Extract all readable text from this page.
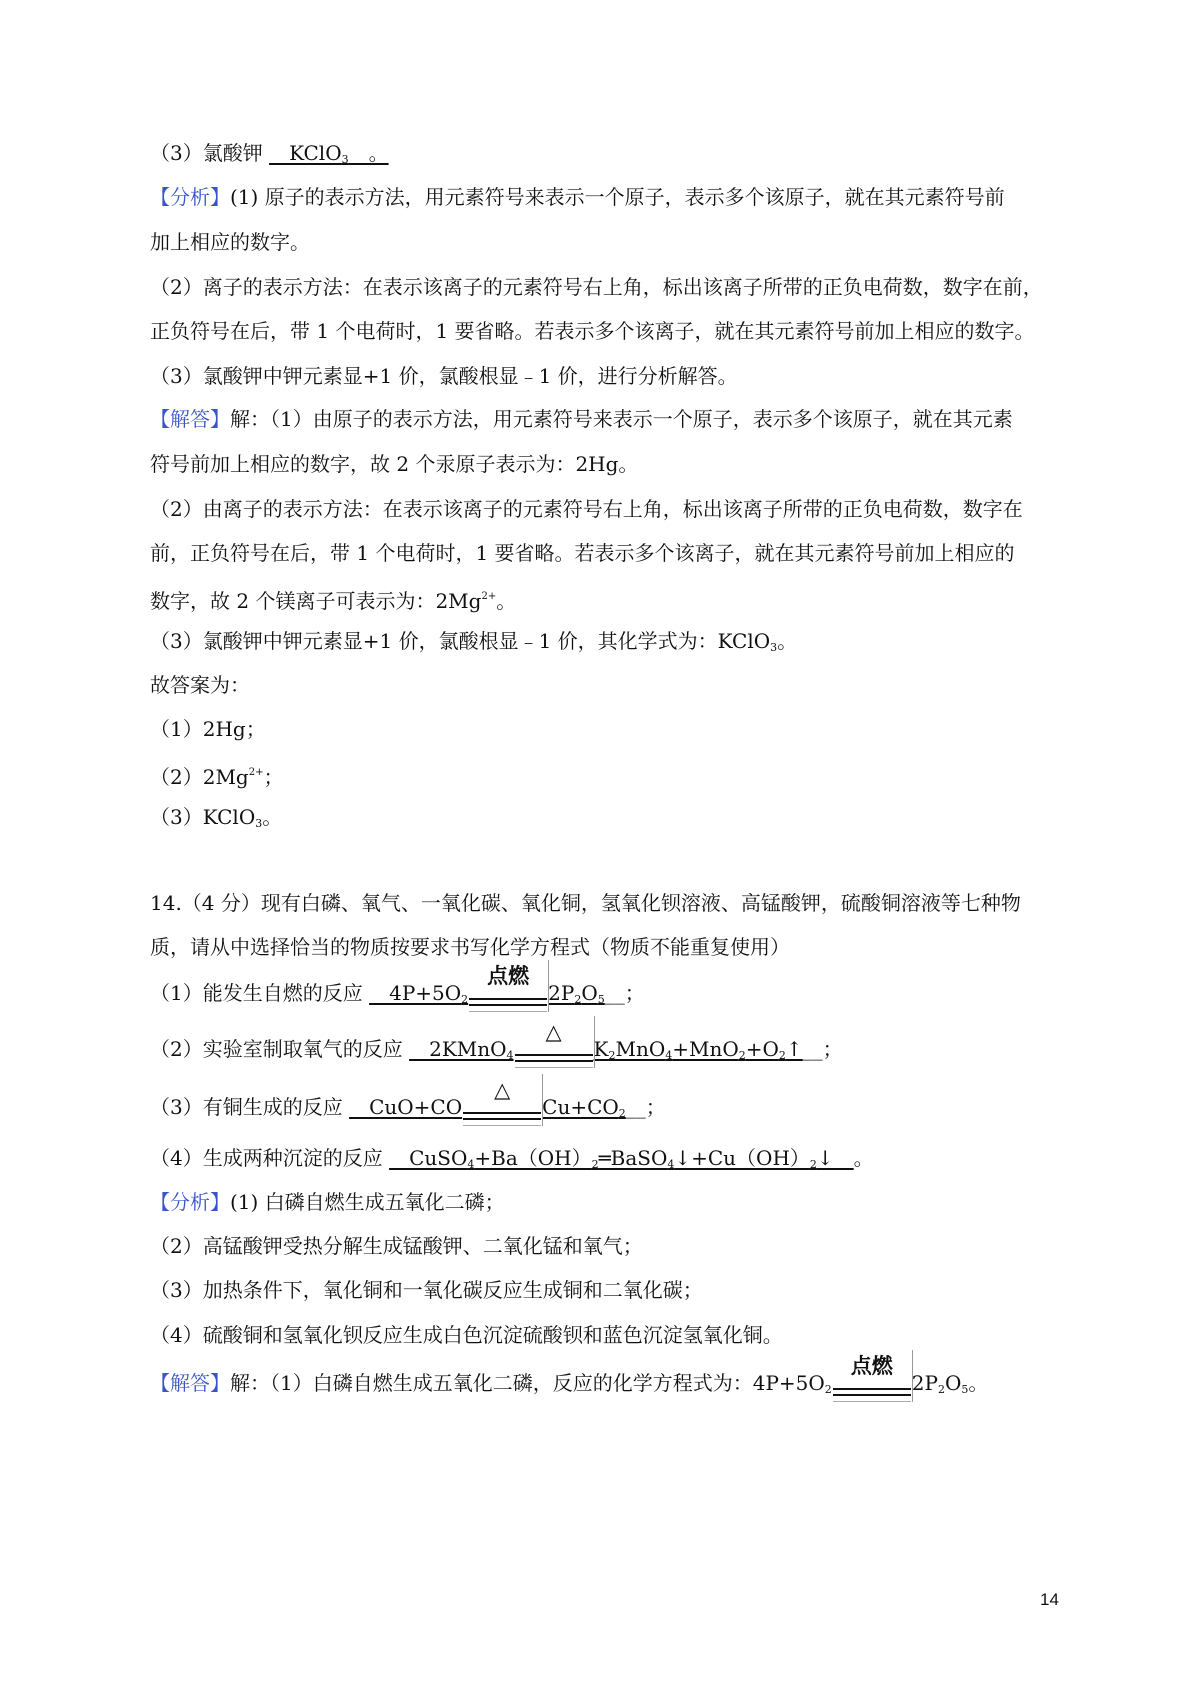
（3）氯酸钾 __KClO$_3$__。
【分析】(1) 原子的表示方法，用元素符号来表示一个原子，表示多个该原子，就在其元素符号前
加上相应的数字。
（2）离子的表示方法：在表示该离子的元素符号右上角，标出该离子所带的正负电荷数，数字在前，
正负符号在后，带 1 个电荷时，1 要省略。若表示多个该离子，就在其元素符号前加上相应的数字。
（3）氯酸钾中钾元素显+1 价，氯酸根显﹣1 价，进行分析解答。
【解答】解：（1）由原子的表示方法，用元素符号来表示一个原子，表示多个该原子，就在其元素
符号前加上相应的数字，故 2 个汞原子表示为：2Hg。
（2）由离子的表示方法：在表示该离子的元素符号右上角，标出该离子所带的正负电荷数，数字在
前，正负符号在后，带 1 个电荷时，1 要省略。若表示多个该离子，就在其元素符号前加上相应的
数字，故 2 个镁离子可表示为：$2Mg^{2+}$。
（3）氯酸钾中钾元素显+1 价，氯酸根显﹣1 价，其化学式为：KClO$_3$。
故答案为：
（1）2Hg；
$(2)2Mg^{2+}$；
（3）KClO$_3$。
14.（4 分）现有白磷、氧气、一氧化碳、氧化铜，氢氧化钡溶液、高锰酸钾，硫酸铜溶液等七种物
质，请从中选择恰当的物质按要求书写化学方程式（物质不能重复使用）
（1）能发生自燃的反应 $\_\_4P+5O_2$
点燃
$2P_2O_5\_\_$；
（2）实验室制取氧气的反应 __2KMnO$_4$
△
$K_2MnO_4+MnO_2+O_2↑\_\_$；
（3）有铜生成的反应 __CuO+CO
△
$Cu+CO_2\_\_$；
（4）生成两种沉淀的反应 $\_\_CuSO_4+Ba(OH)_2═BaSO_4↓+Cu(OH)_2↓\_\_$。
【分析】(1) 白磷自燃生成五氧化二磷；
（2）高锰酸钾受热分解生成锰酸钾、二氧化锰和氧气；
（3）加热条件下，氧化铜和一氧化碳反应生成铜和二氧化碳；
（4）硫酸铜和氢氧化钡反应生成白色沉淀硫酸钡和蓝色沉淀氢氧化铜。
【解答】解：（1）白磷自燃生成五氧化二磷，反应的化学方程式为：$4P+5O_2$
点燃
$2P_2O_5$。
14
